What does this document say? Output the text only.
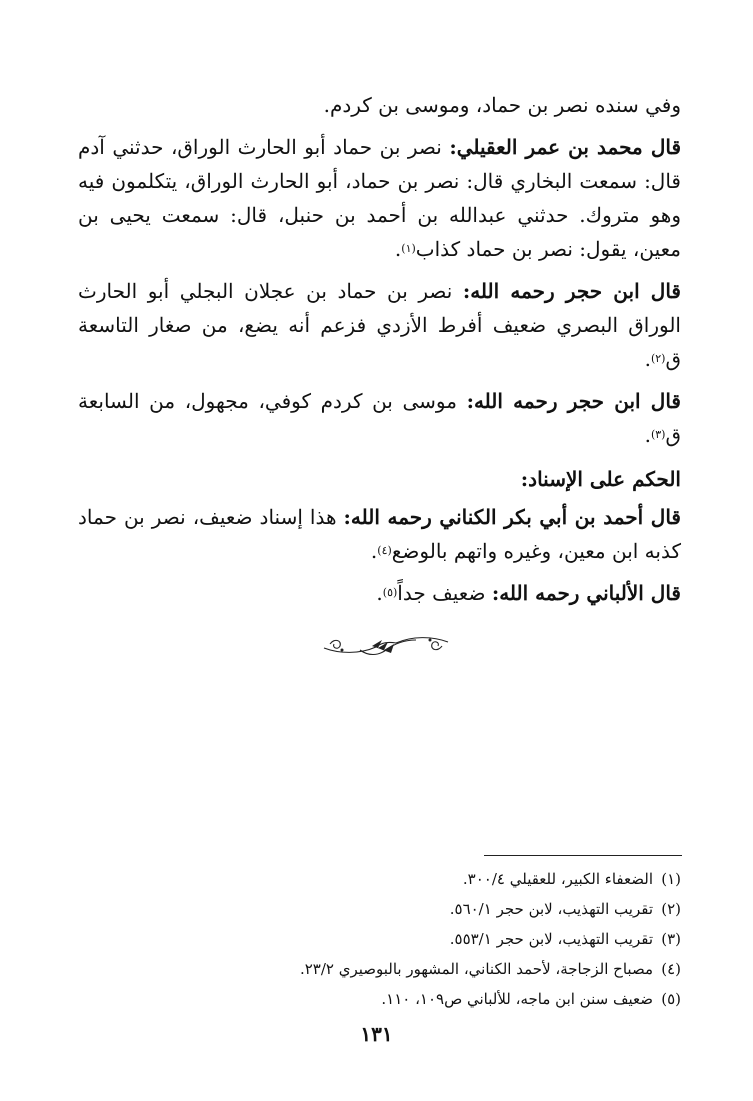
وفي سنده نصر بن حماد، وموسى بن كردم.

قال محمد بن عمر العقيلي: نصر بن حماد أبو الحارث الوراق، حدثني آدم قال: سمعت البخاري قال: نصر بن حماد، أبو الحارث الوراق، يتكلمون فيه وهو متروك. حدثني عبدالله بن أحمد بن حنبل، قال: سمعت يحيى بن معين، يقول: نصر بن حماد كذاب$^{(١)}$.

قال ابن حجر رحمه الله: نصر بن حماد بن عجلان البجلي أبو الحارث الوراق البصري ضعيف أفرط الأزدي فزعم أنه يضع، من صغار التاسعة ق$^{(٢)}$.

قال ابن حجر رحمه الله: موسى بن كردم كوفي، مجهول، من السابعة ق$^{(٣)}$.

الحكم على الإسناد:

قال أحمد بن أبي بكر الكناني رحمه الله: هذا إسناد ضعيف، نصر بن حماد كذبه ابن معين، وغيره واتهم بالوضع$^{(٤)}$.

قال الألباني رحمه الله: ضعيف جداً$^{(٥)}$.

(١)
الضعفاء الكبير، للعقيلي ٣٠٠/٤.
(٢)
تقريب التهذيب، لابن حجر ٥٦٠/١.
(٣)
تقريب التهذيب، لابن حجر ٥٥٣/١.
(٤)
مصباح الزجاجة، لأحمد الكناني، المشهور بالبوصيري ٢٣/٢.
(٥)
ضعيف سنن ابن ماجه، للألباني ص١٠٩، ١١٠.
١٣١
